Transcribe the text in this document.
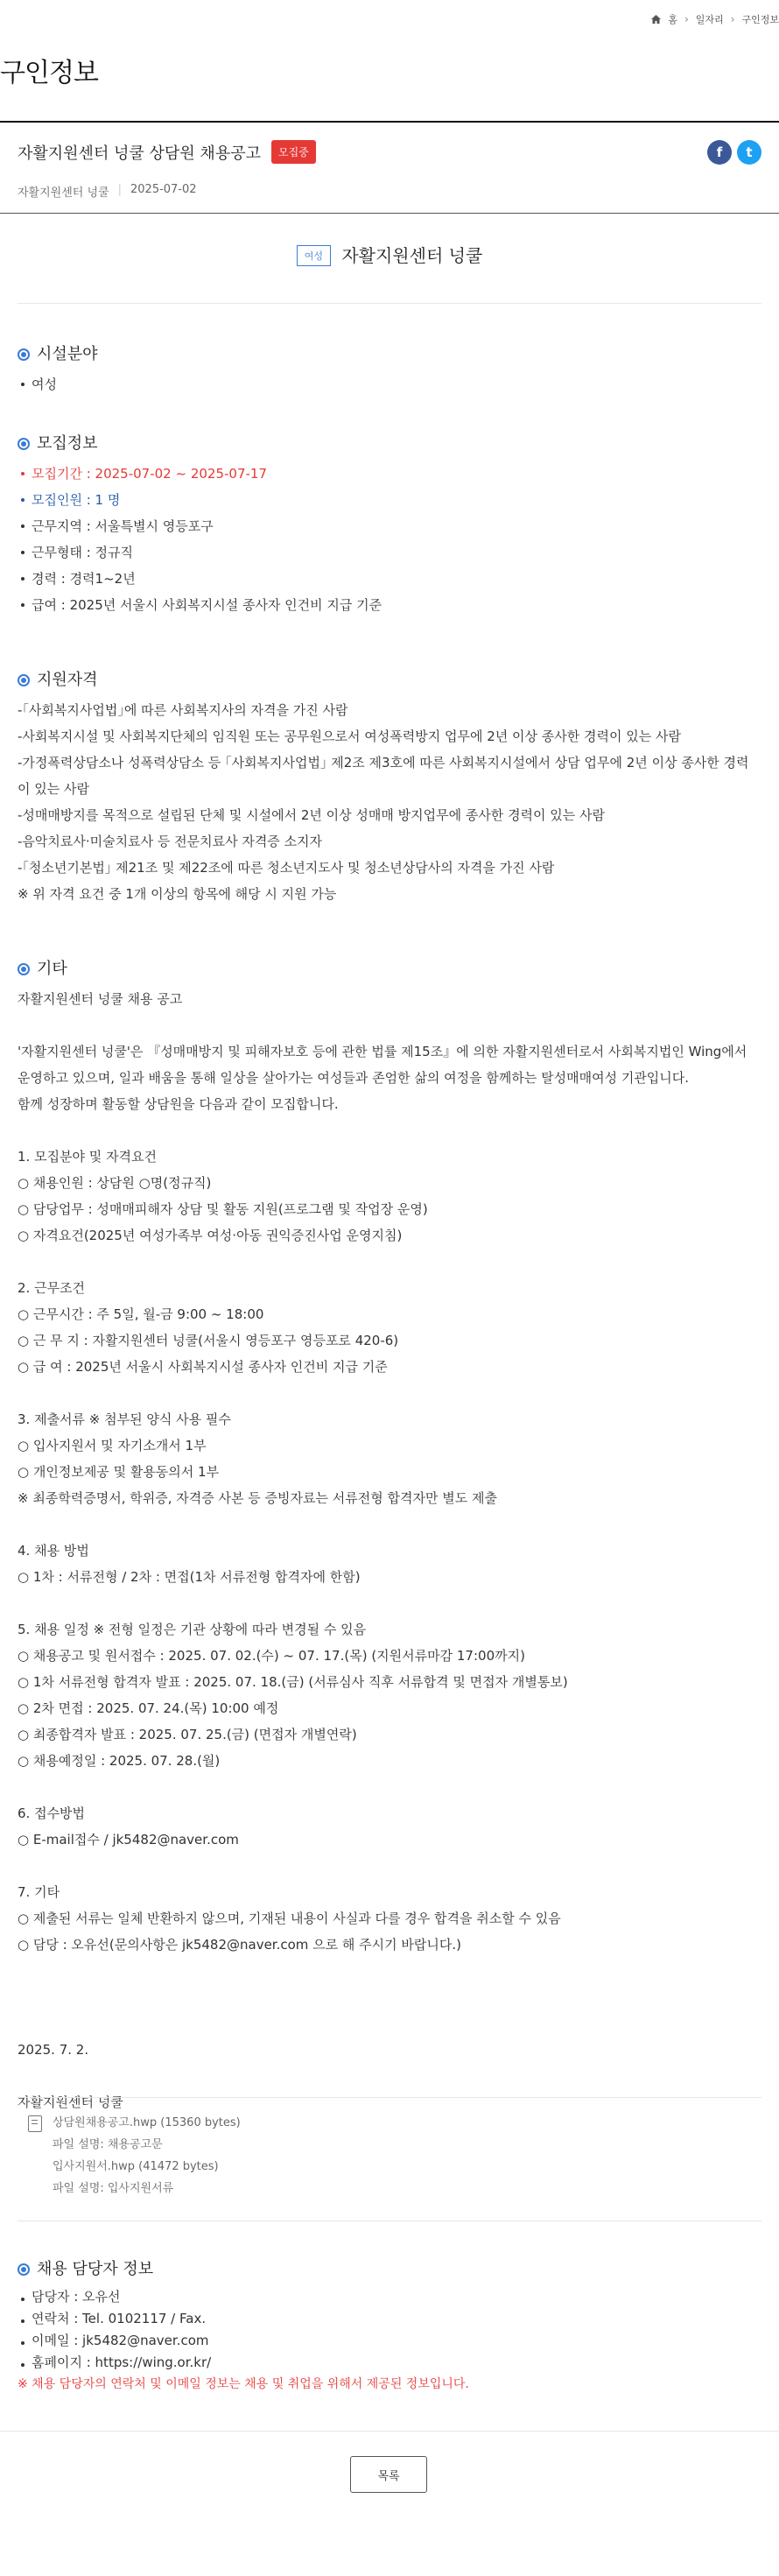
홈 › 일자리 › 구인정보
구인정보
자활지원센터 넝쿨 상담원 채용공고	모집중
자활지원센터 넝쿨 | 2025-07-02
f	t
여성 자활지원센터 넝쿨
시설분야
여성
모집정보
모집기간 : 2025-07-02 ~ 2025-07-17
모집인원 : 1 명
근무지역 : 서울특별시 영등포구
근무형태 : 정규직
경력 : 경력1~2년
급여 : 2025년 서울시 사회복지시설 종사자 인건비 지급 기준
지원자격

-｢사회복지사업법｣에 따른 사회복지사의 자격을 가진 사람

-사회복지시설 및 사회복지단체의 임직원 또는 공무원으로서 여성폭력방지 업무에 2년 이상 종사한 경력이 있는 사람

-가정폭력상담소나 성폭력상담소 등 ｢사회복지사업법｣ 제2조 제3호에 따른 사회복지시설에서 상담 업무에 2년 이상 종사한 경력이 있는 사람

-성매매방지를 목적으로 설립된 단체 및 시설에서 2년 이상 성매매 방지업무에 종사한 경력이 있는 사람

-음악치료사·미술치료사 등 전문치료사 자격증 소지자

-｢청소년기본법｣ 제21조 및 제22조에 따른 청소년지도사 및 청소년상담사의 자격을 가진 사람

※ 위 자격 요건 중 1개 이상의 항목에 해당 시 지원 가능

기타

자활지원센터 넝쿨 채용 공고

'자활지원센터 넝쿨'은 『성매매방지 및 피해자보호 등에 관한 법률 제15조』에 의한 자활지원센터로서 사회복지법인 Wing에서 운영하고 있으며, 일과 배움을 통해 일상을 살아가는 여성들과 존엄한 삶의 여정을 함께하는 탈성매매여성 기관입니다.

함께 성장하며 활동할 상담원을 다음과 같이 모집합니다.

1. 모집분야 및 자격요건

○ 채용인원 : 상담원 ○명(정규직)

○ 담당업무 : 성매매피해자 상담 및 활동 지원(프로그램 및 작업장 운영)

○ 자격요건(2025년 여성가족부 여성·아동 권익증진사업 운영지침)

2. 근무조건

○ 근무시간 : 주 5일, 월-금 9:00 ~ 18:00

○ 근 무 지 : 자활지원센터 넝쿨(서울시 영등포구 영등포로 420-6)

○ 급 여 : 2025년 서울시 사회복지시설 종사자 인건비 지급 기준

3. 제출서류 ※ 첨부된 양식 사용 필수

○ 입사지원서 및 자기소개서 1부

○ 개인정보제공 및 활용동의서 1부

※ 최종학력증명서, 학위증, 자격증 사본 등 증빙자료는 서류전형 합격자만 별도 제출

4. 채용 방법

○ 1차 : 서류전형 / 2차 : 면접(1차 서류전형 합격자에 한함)

5. 채용 일정 ※ 전형 일정은 기관 상황에 따라 변경될 수 있음

○ 채용공고 및 원서접수 : 2025. 07. 02.(수) ~ 07. 17.(목) (지원서류마감 17:00까지)

○ 1차 서류전형 합격자 발표 : 2025. 07. 18.(금) (서류심사 직후 서류합격 및 면접자 개별통보)

○ 2차 면접 : 2025. 07. 24.(목) 10:00 예정

○ 최종합격자 발표 : 2025. 07. 25.(금) (면접자 개별연락)

○ 채용예정일 : 2025. 07. 28.(월)

6. 접수방법

○ E-mail접수 / jk5482@naver.com

7. 기타

○ 제출된 서류는 일체 반환하지 않으며, 기재된 내용이 사실과 다를 경우 합격을 취소할 수 있음

○ 담당 : 오유선(문의사항은 jk5482@naver.com 으로 해 주시기 바랍니다.)

2025. 7. 2.

자활지원센터 넝쿨

상담원채용공고.hwp (15360 bytes)
파일 설명: 채용공고문
입사지원서.hwp (41472 bytes)
파일 설명: 입사지원서류
채용 담당자 정보
담당자 : 오유선
연락처 : Tel. 0102117 / Fax.
이메일 : jk5482@naver.com
홈페이지 : https://wing.or.kr/

※ 채용 담당자의 연락처 및 이메일 정보는 채용 및 취업을 위해서 제공된 정보입니다.

목록
